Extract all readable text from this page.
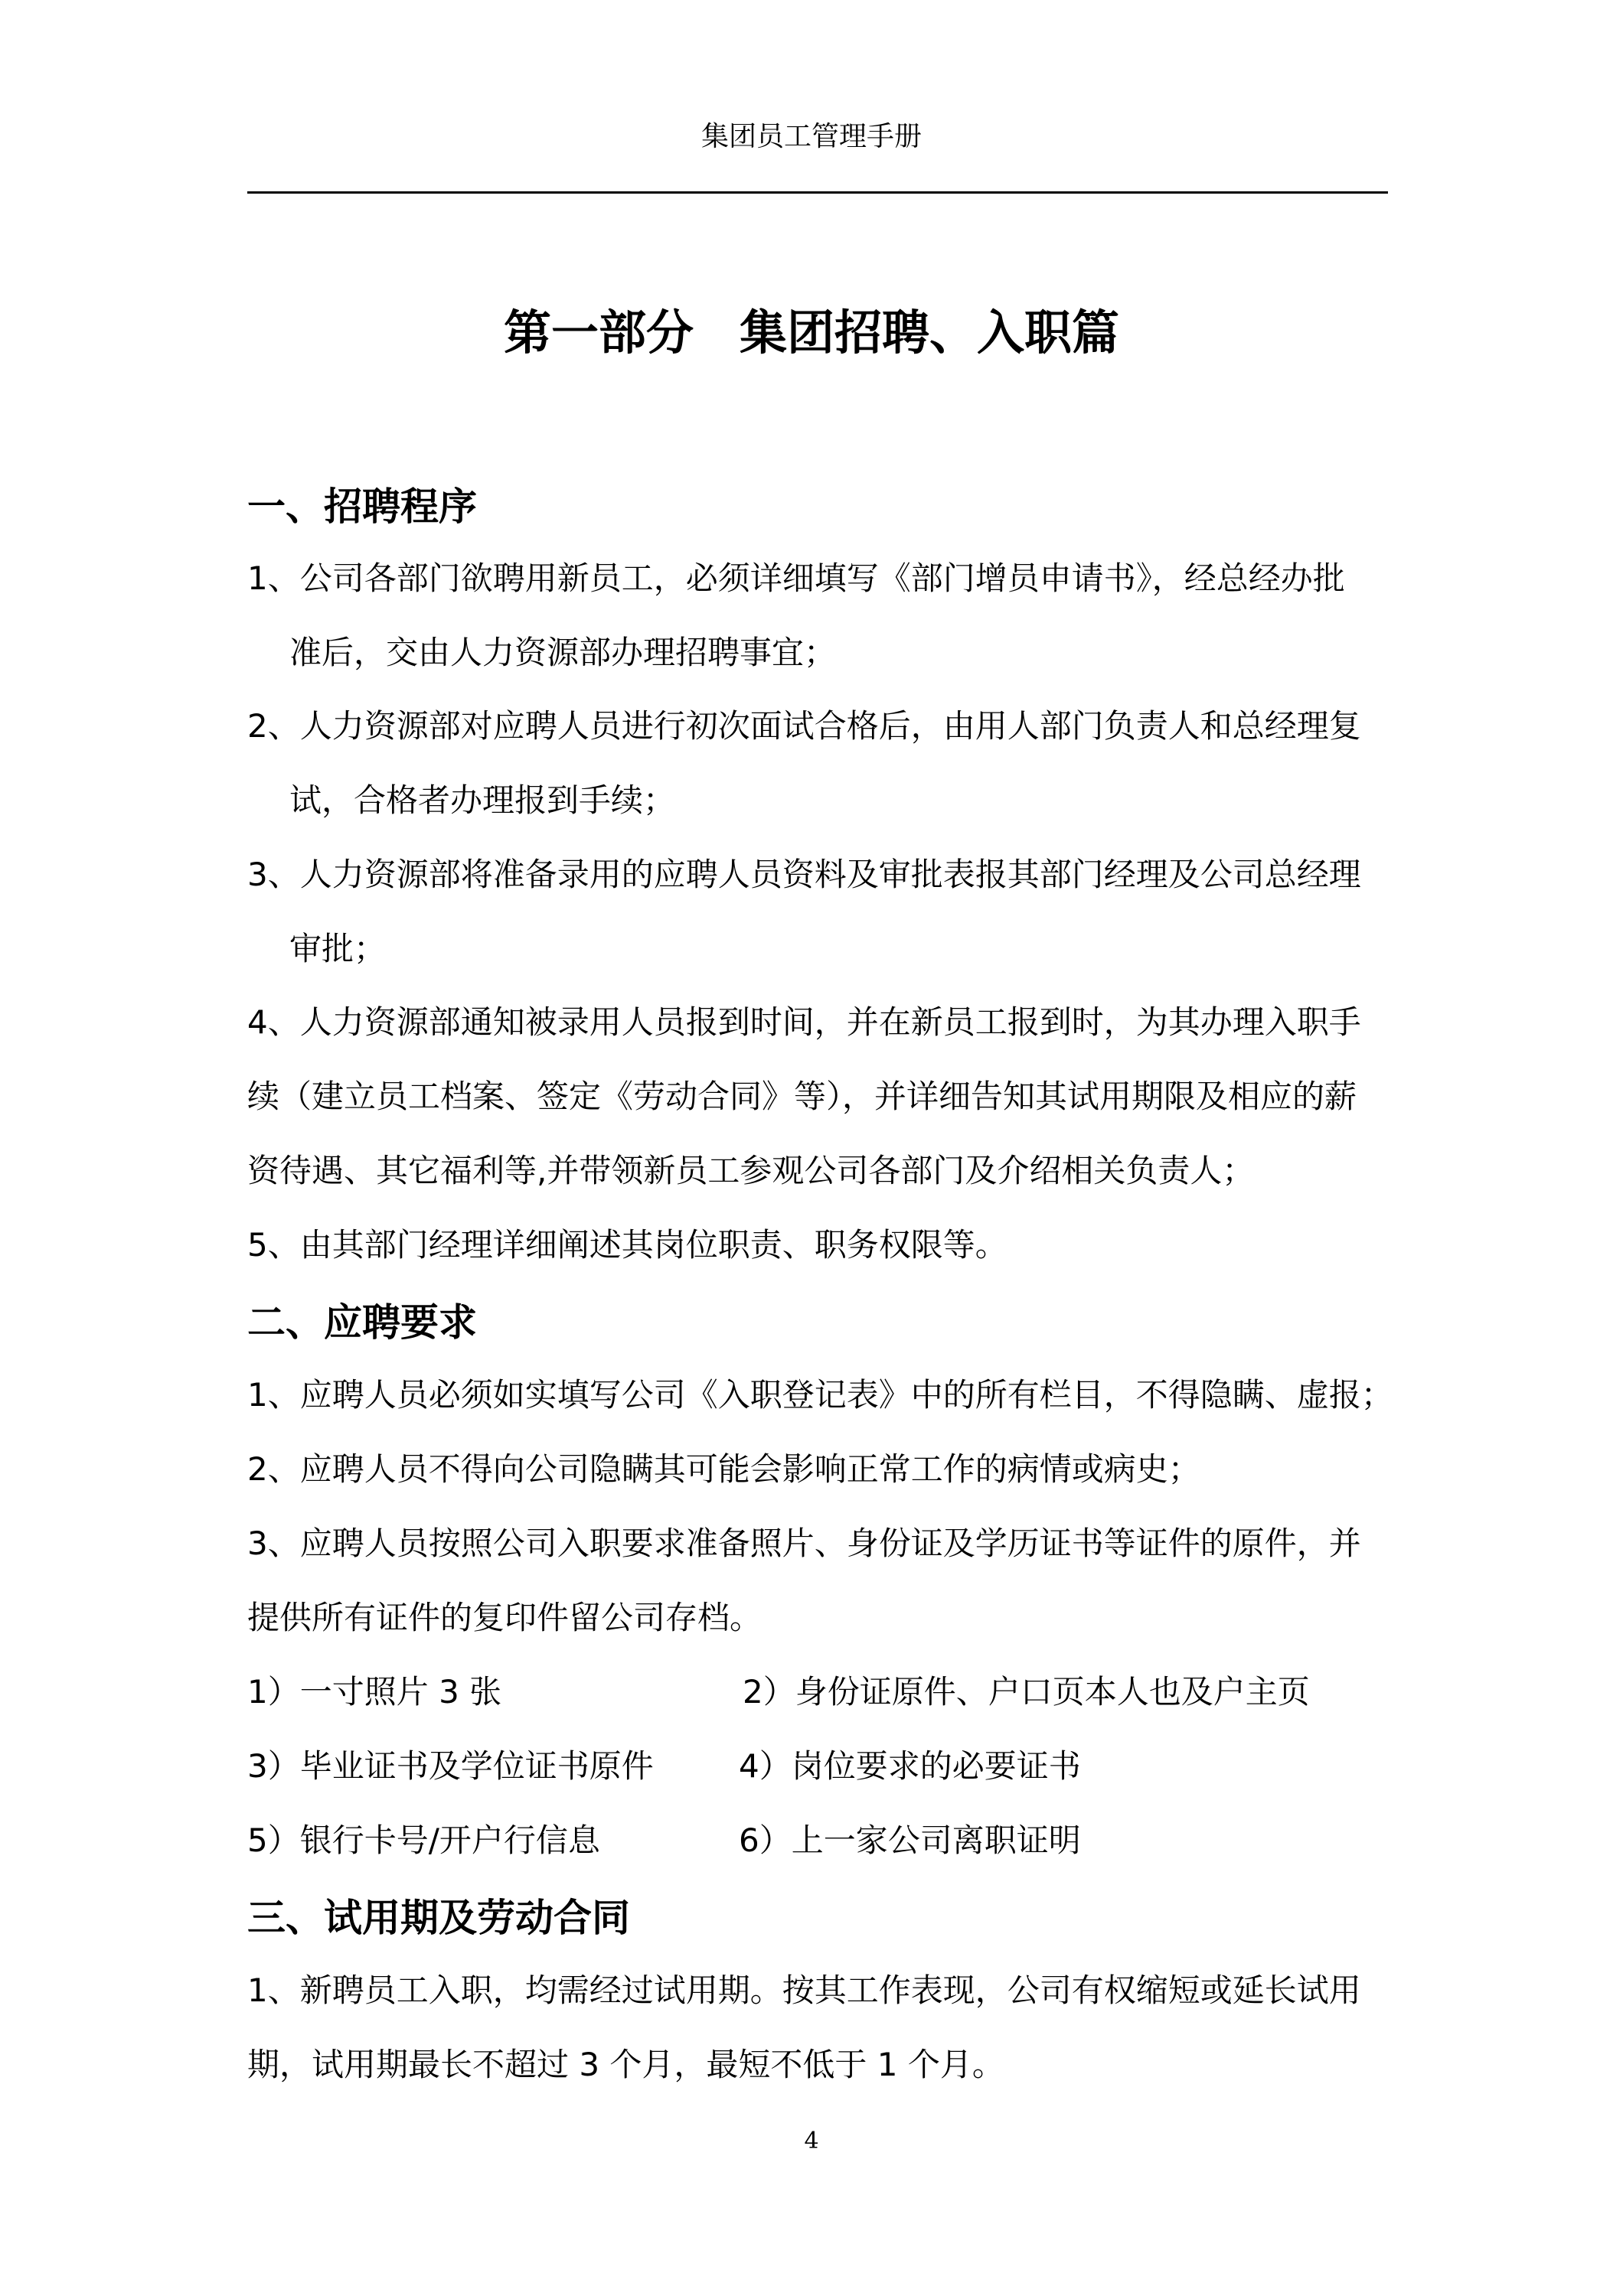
集团员工管理手册
第一部分 集团招聘、入职篇
一、招聘程序
1、公司各部门欲聘用新员工，必须详细填写《部门增员申请书》，经总经办批
准后，交由人力资源部办理招聘事宜；
2、人力资源部对应聘人员进行初次面试合格后，由用人部门负责人和总经理复
试，合格者办理报到手续；
3、人力资源部将准备录用的应聘人员资料及审批表报其部门经理及公司总经理
审批；
4、人力资源部通知被录用人员报到时间，并在新员工报到时，为其办理入职手
续（建立员工档案、签定《劳动合同》等），并详细告知其试用期限及相应的薪
资待遇、其它福利等,并带领新员工参观公司各部门及介绍相关负责人；
5、由其部门经理详细阐述其岗位职责、职务权限等。
二、应聘要求
1、应聘人员必须如实填写公司《入职登记表》中的所有栏目，不得隐瞒、虚报；
2、应聘人员不得向公司隐瞒其可能会影响正常工作的病情或病史；
3、应聘人员按照公司入职要求准备照片、身份证及学历证书等证件的原件，并
提供所有证件的复印件留公司存档。
1）一寸照片 3 张	2）身份证原件、户口页本人也及户主页
3）毕业证书及学位证书原件	4）岗位要求的必要证书
5）银行卡号/开户行信息	6）上一家公司离职证明
三、试用期及劳动合同
1、新聘员工入职，均需经过试用期。按其工作表现，公司有权缩短或延长试用
期，试用期最长不超过 3 个月，最短不低于 1 个月。
4
